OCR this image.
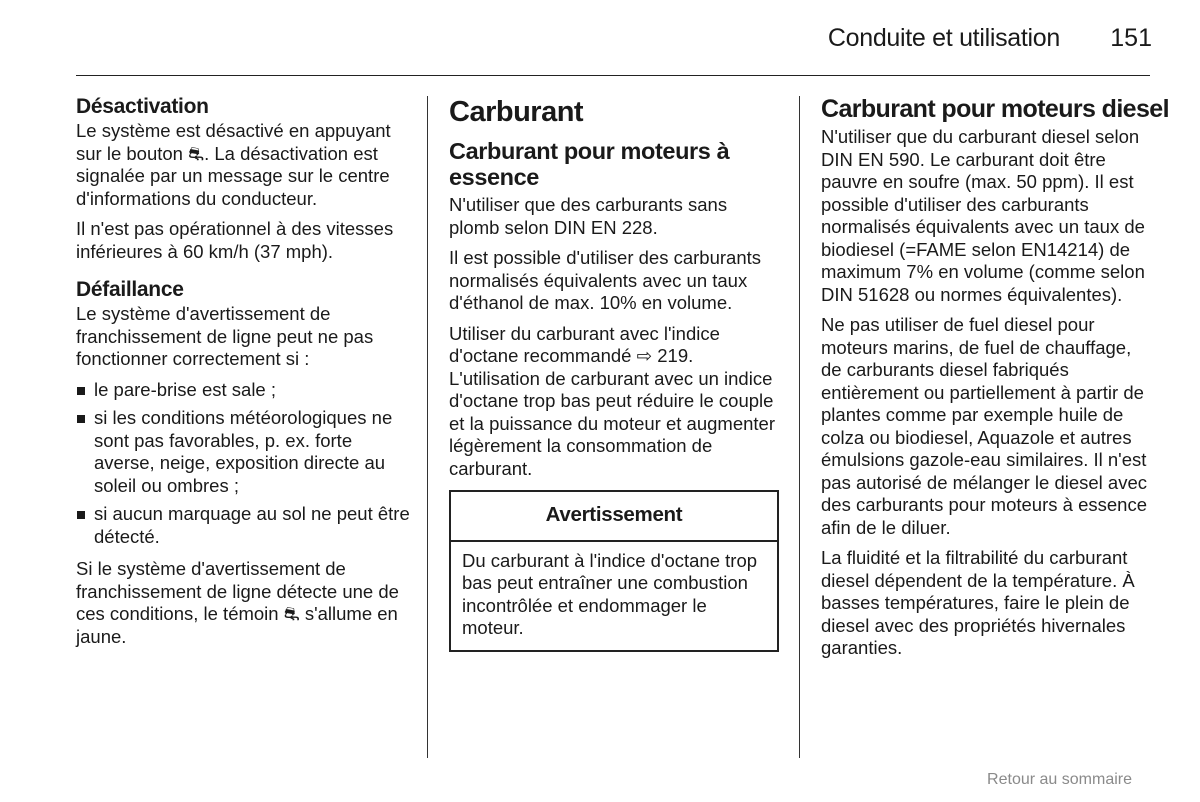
Conduite et utilisation	151
Désactivation

Le système est désactivé en appuyant sur le bouton ⛐. La désactivation est signalée par un message sur le centre d'informations du conducteur.

Il n'est pas opérationnel à des vitesses inférieures à 60 km/h (37 mph).

Défaillance

Le système d'avertissement de franchissement de ligne peut ne pas fonctionner correctement si :

le pare-brise est sale ;
si les conditions météorologiques ne sont pas favorables, p. ex. forte averse, neige, exposition directe au soleil ou ombres ;
si aucun marquage au sol ne peut être détecté.

Si le système d'avertissement de franchissement de ligne détecte une de ces conditions, le témoin ⛐ s'allume en jaune.

Carburant
Carburant pour moteurs à essence

N'utiliser que des carburants sans plomb selon DIN EN 228.

Il est possible d'utiliser des carburants normalisés équivalents avec un taux d'éthanol de max. 10% en volume.

Utiliser du carburant avec l'indice d'octane recommandé ⇨ 219. L'utilisation de carburant avec un indice d'octane trop bas peut réduire le couple et la puissance du moteur et augmenter légèrement la consommation de carburant.

Avertissement
Du carburant à l'indice d'octane trop bas peut entraîner une combustion incontrôlée et endommager le moteur.
Carburant pour moteurs diesel

N'utiliser que du carburant diesel selon DIN EN 590. Le carburant doit être pauvre en soufre (max. 50 ppm). Il est possible d'utiliser des carburants normalisés équivalents avec un taux de biodiesel (=FAME selon EN14214) de maximum 7% en volume (comme selon DIN 51628 ou normes équivalentes).

Ne pas utiliser de fuel diesel pour moteurs marins, de fuel de chauffage, de carburants diesel fabriqués entièrement ou partiellement à partir de plantes comme par exemple huile de colza ou biodiesel, Aquazole et autres émulsions gazole-eau similaires. Il n'est pas autorisé de mélanger le diesel avec des carburants pour moteurs à essence afin de le diluer.

La fluidité et la filtrabilité du carburant diesel dépendent de la température. À basses températures, faire le plein de diesel avec des propriétés hivernales garanties.

Retour au sommaire
